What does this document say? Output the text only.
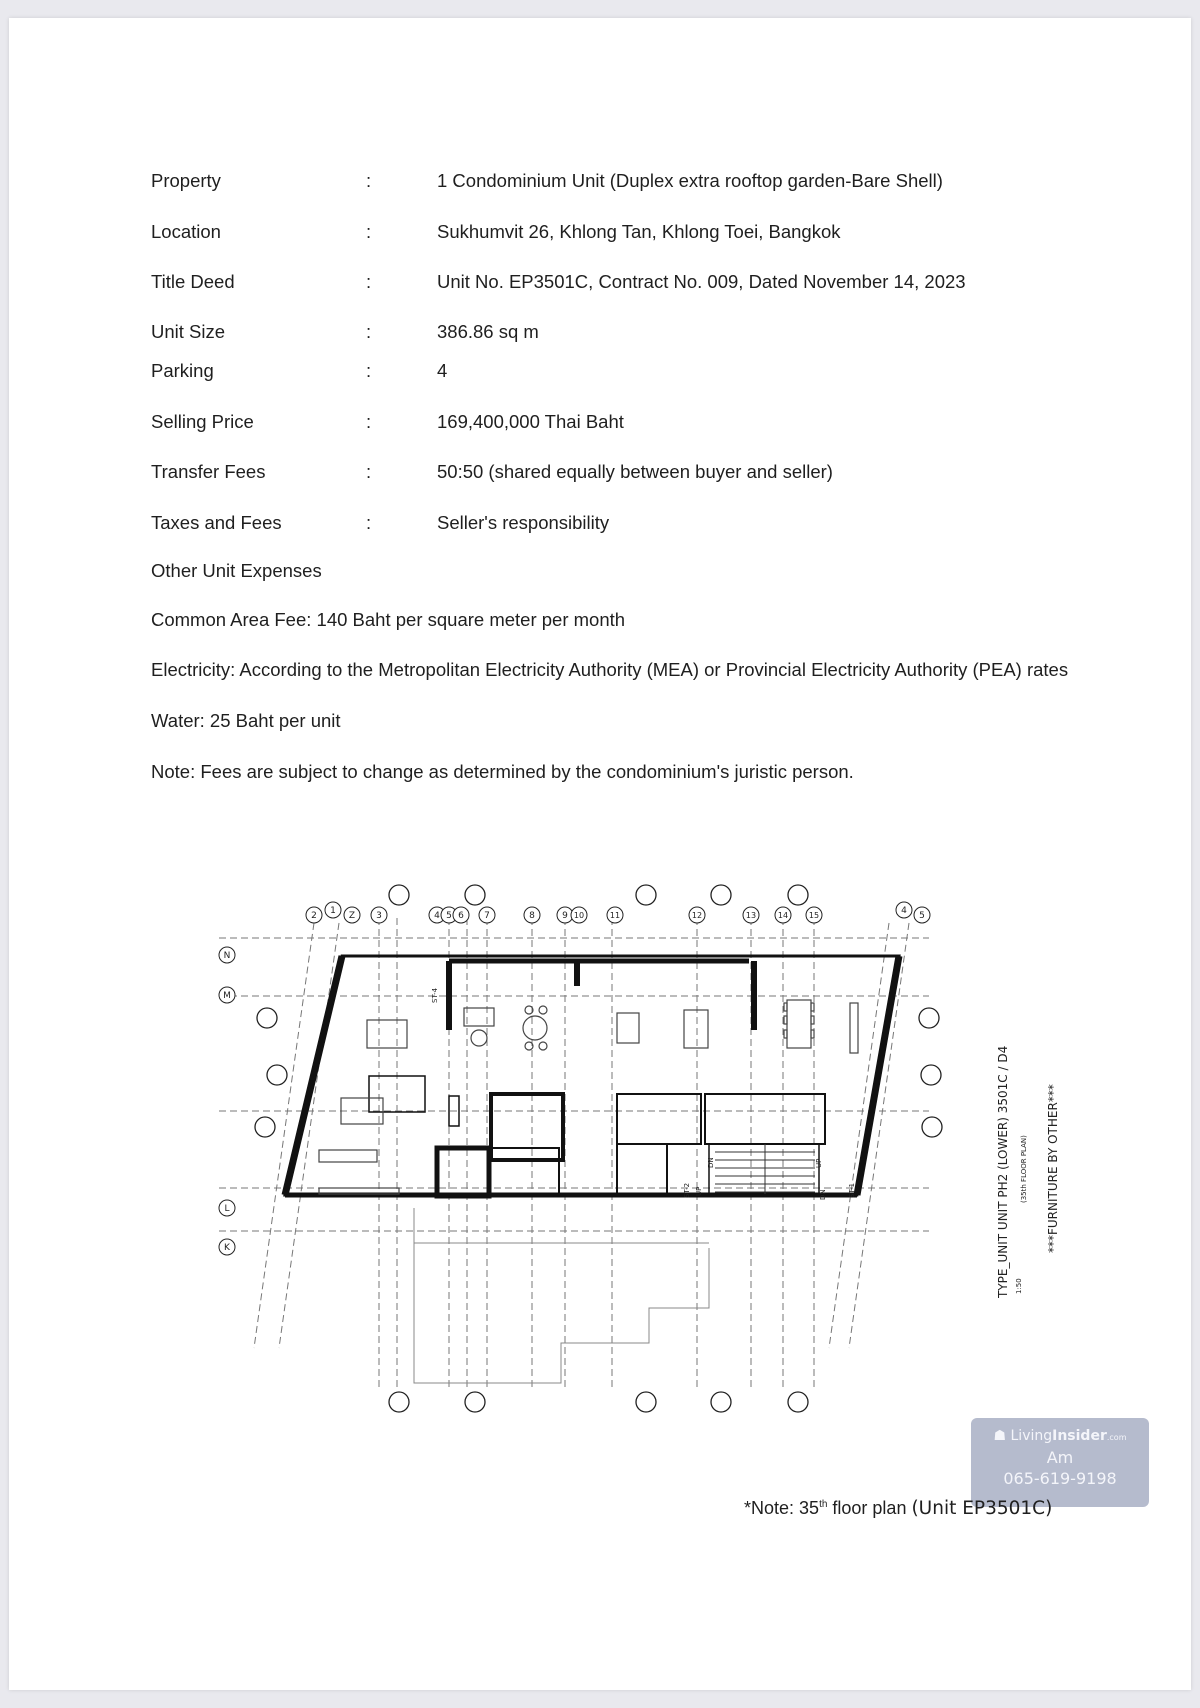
Property	:	1 Condominium Unit (Duplex extra rooftop garden-Bare Shell)
Location	:	Sukhumvit 26, Khlong Tan, Khlong Toei, Bangkok
Title Deed	:	Unit No. EP3501C, Contract No. 009, Dated November 14, 2023
Unit Size	:	386.86 sq m
Parking	:	4
Selling Price	:	169,400,000 Thai Baht
Transfer Fees	:	50:50 (shared equally between buyer and seller)
Taxes and Fees	:	Seller's responsibility
Other Unit Expenses
Common Area Fee: 140 Baht per square meter per month
Electricity: According to the Metropolitan Electricity Authority (MEA) or Provincial Electricity Authority (PEA) rates
Water: 25 Baht per unit
Note: Fees are subject to change as determined by the condominium's juristic person.
2 1 Z 3	4 5 6 7	8	9 10	11	12	13	14	15	4 5
N
M
L
K
ST-4
ST-2	ST-1
UP
DN	UP
DN	TYPE_UNIT UNIT PH2 (LOWER) 3501C / D4 (35th FLOOR PLAN)
1:50
***FURNITURE BY OTHER***
☗ LivingInsider.com
Am
065-619-9198
*Note: 35th floor plan (Unit EP3501C)
